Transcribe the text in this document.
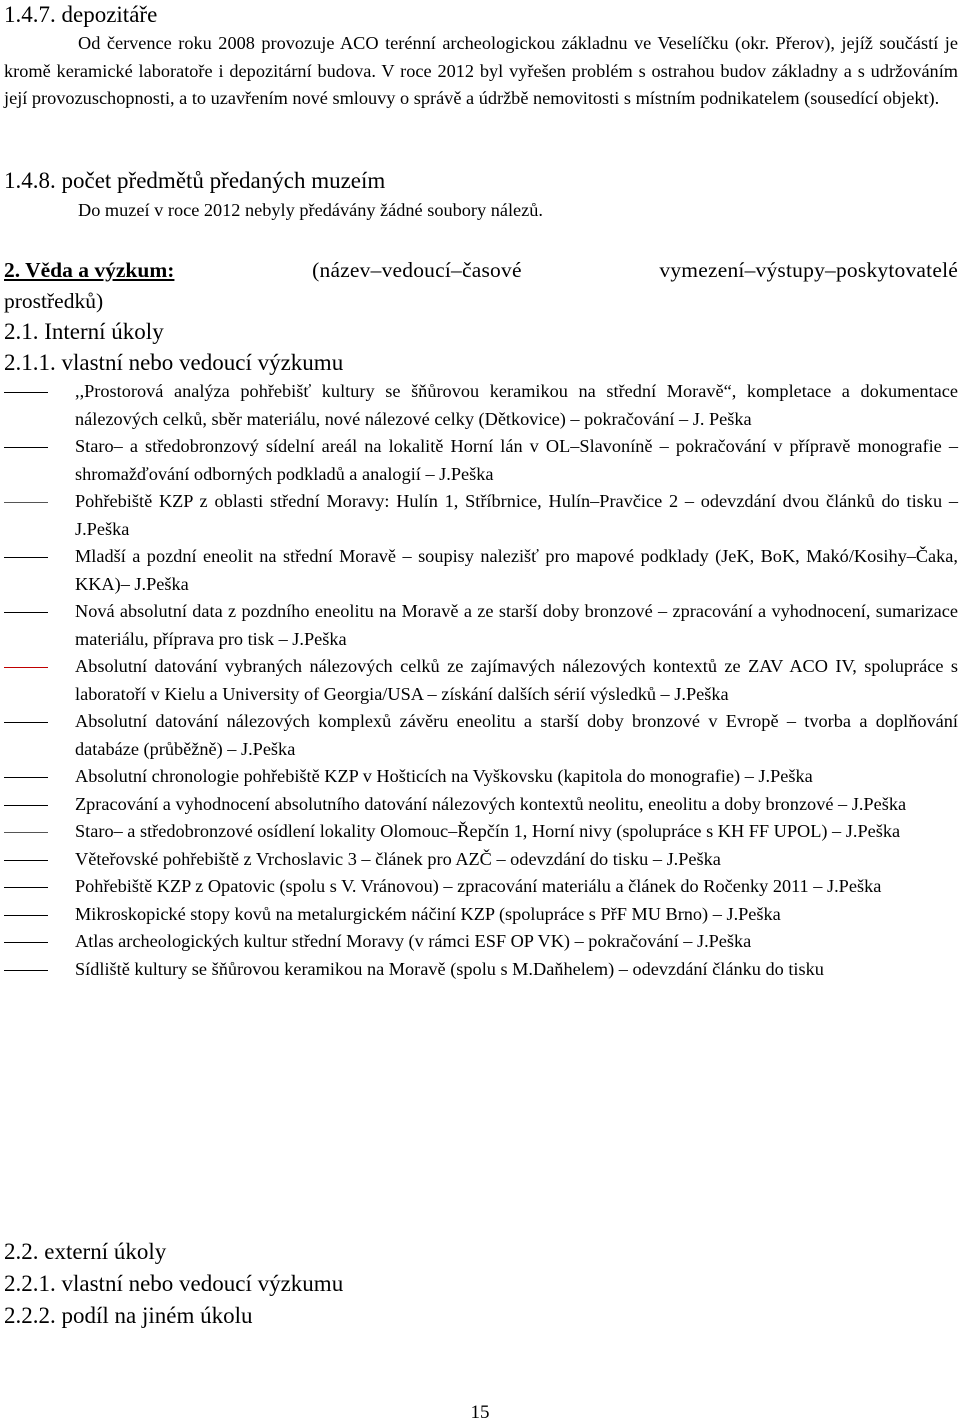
1.4.7. depozitáře
Od července roku 2008 provozuje ACO terénní archeologickou základnu ve Veselíčku (okr. Přerov), jejíž součástí je kromě keramické laboratoře i depozitární budova. V roce 2012 byl vyřešen problém s ostrahou budov základny a s udržováním její provozuschopnosti, a to uzavřením nové smlouvy o správě a údržbě nemovitosti s místním podnikatelem (sousedící objekt).
1.4.8. počet předmětů předaných muzeím
Do muzeí v roce 2012 nebyly předávány žádné soubory nálezů.
2. Věda a výzkum:	(název–vedoucí–časové	vymezení–výstupy–poskytovatelé
prostředků)
2.1. Interní úkoly
2.1.1. vlastní nebo vedoucí výzkumu
,,Prostorová analýza pohřebišť kultury se šňůrovou keramikou na střední Moravě“, kompletace a dokumentace nálezových celků, sběr materiálu, nové nálezové celky (Dětkovice) – pokračování – J. Peška
Staro– a středobronzový sídelní areál na lokalitě Horní lán v OL–Slavoníně – pokračování v přípravě monografie – shromažďování odborných podkladů a analogií – J.Peška
Pohřebiště KZP z oblasti střední Moravy: Hulín 1, Stříbrnice, Hulín–Pravčice 2 – odevzdání dvou článků do tisku – J.Peška
Mladší a pozdní eneolit na střední Moravě – soupisy nalezišť pro mapové podklady (JeK, BoK, Makó/Kosihy–Čaka, KKA)– J.Peška
Nová absolutní data z pozdního eneolitu na Moravě a ze starší doby bronzové – zpracování a vyhodnocení, sumarizace materiálu, příprava pro tisk – J.Peška
Absolutní datování vybraných nálezových celků ze zajímavých nálezových kontextů ze ZAV ACO IV, spolupráce s laboratoří v Kielu a University of Georgia/USA – získání dalších sérií výsledků – J.Peška
Absolutní datování nálezových komplexů závěru eneolitu a starší doby bronzové v Evropě – tvorba a doplňování databáze (průběžně) – J.Peška
Absolutní chronologie pohřebiště KZP v Hošticích na Vyškovsku (kapitola do monografie) – J.Peška
Zpracování a vyhodnocení absolutního datování nálezových kontextů neolitu, eneolitu a doby bronzové – J.Peška
Staro– a středobronzové osídlení lokality Olomouc–Řepčín 1, Horní nivy (spolupráce s KH FF UPOL) – J.Peška
Věteřovské pohřebiště z Vrchoslavic 3 – článek pro AZČ – odevzdání do tisku – J.Peška
Pohřebiště KZP z Opatovic (spolu s V. Vránovou) – zpracování materiálu a článek do Ročenky 2011 – J.Peška
Mikroskopické stopy kovů na metalurgickém náčiní KZP (spolupráce s PřF MU Brno) – J.Peška
Atlas archeologických kultur střední Moravy (v rámci ESF OP VK) – pokračování – J.Peška
Sídliště kultury se šňůrovou keramikou na Moravě (spolu s M.Daňhelem) – odevzdání článku do tisku
2.2. externí úkoly
2.2.1. vlastní nebo vedoucí výzkumu
2.2.2. podíl na jiném úkolu
15
